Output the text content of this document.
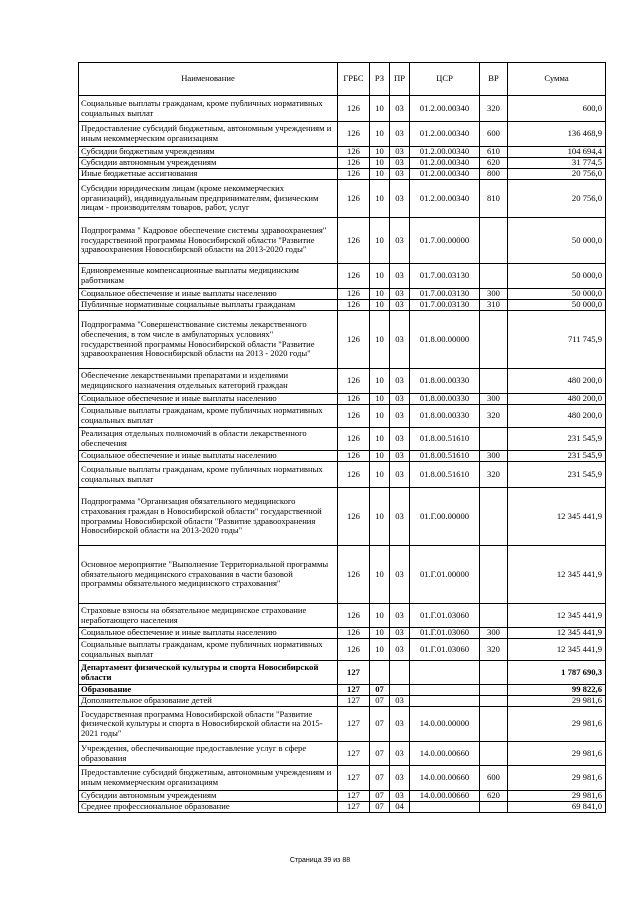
Наименование	ГРБС	РЗ	ПР	ЦСР	ВР	Сумма
Социальные выплаты гражданам, кроме публичных нормативных социальных выплат	126	10	03	01.2.00.00340	320	600,0
Предоставление субсидий бюджетным, автономным учреждениям и иным некоммерческим организациям	126	10	03	01.2.00.00340	600	136 468,9
Субсидии бюджетным учреждениям	126	10	03	01.2.00.00340	610	104 694,4
Субсидии автономным учреждениям	126	10	03	01.2.00.00340	620	31 774,5
Иные бюджетные ассигнования	126	10	03	01.2.00.00340	800	20 756,0
Субсидии юридическим лицам (кроме некоммерческих организаций), индивидуальным предпринимателям, физическим лицам - производителям товаров, работ, услуг	126	10	03	01.2.00.00340	810	20 756,0
Подпрограмма " Кадровое обеспечение системы здравоохранения" государственной программы Новосибирской области "Развитие здравоохранения Новосибирской области на 2013-2020 годы"	126	10	03	01.7.00.00000		50 000,0
Единовременные компенсационные выплаты медицинским работникам	126	10	03	01.7.00.03130		50 000,0
Социальное обеспечение и иные выплаты населению	126	10	03	01.7.00.03130	300	50 000,0
Публичные нормативные социальные выплаты гражданам	126	10	03	01.7.00.03130	310	50 000,0
Подпрограмма "Совершенствование системы лекарственного обеспечения, в том числе в амбулаторных условиях" государственной программы Новосибирской области "Развитие здравоохранения Новосибирской области на 2013 - 2020 годы"	126	10	03	01.8.00.00000		711 745,9
Обеспечение лекарственными препаратами и изделиями медицинского назначения отдельных категорий граждан	126	10	03	01.8.00.00330		480 200,0
Социальное обеспечение и иные выплаты населению	126	10	03	01.8.00.00330	300	480 200,0
Социальные выплаты гражданам, кроме публичных нормативных социальных выплат	126	10	03	01.8.00.00330	320	480 200,0
Реализация отдельных полномочий в области лекарственного обеспечения	126	10	03	01.8.00.51610		231 545,9
Социальное обеспечение и иные выплаты населению	126	10	03	01.8.00.51610	300	231 545,9
Социальные выплаты гражданам, кроме публичных нормативных социальных выплат	126	10	03	01.8.00.51610	320	231 545,9
Подпрограмма "Организация обязательного медицинского страхования граждан в Новосибирской области" государственной программы Новосибирской области "Развитие здравоохранения Новосибирской области на 2013-2020 годы"	126	10	03	01.Г.00.00000		12 345 441,9
Основное мероприятие "Выполнение Территориальной программы обязательного медицинского страхования в части базовой программы обязательного медицинского страхования"	126	10	03	01.Г.01.00000		12 345 441,9
Страховые взносы на обязательное медицинское страхование неработающего населения	126	10	03	01.Г.01.03060		12 345 441,9
Социальное обеспечение и иные выплаты населению	126	10	03	01.Г.01.03060	300	12 345 441,9
Социальные выплаты гражданам, кроме публичных нормативных социальных выплат	126	10	03	01.Г.01.03060	320	12 345 441,9
Департамент физической культуры и спорта Новосибирской области	127					1 787 690,3
Образование	127	07				99 822,6
Дополнительное образование детей	127	07	03			29 981,6
Государственная программа Новосибирской области "Развитие физической культуры и спорта в Новосибирской области на 2015-2021 годы"	127	07	03	14.0.00.00000		29 981,6
Учреждения, обеспечивающие предоставление услуг в сфере образования	127	07	03	14.0.00.00660		29 981,6
Предоставление субсидий бюджетным, автономным учреждениям и иным некоммерческим организациям	127	07	03	14.0.00.00660	600	29 981,6
Субсидии автономным учреждениям	127	07	03	14.0.00.00660	620	29 981,6
Среднее профессиональное образование	127	07	04			69 841,0
Страница 39 из 88
